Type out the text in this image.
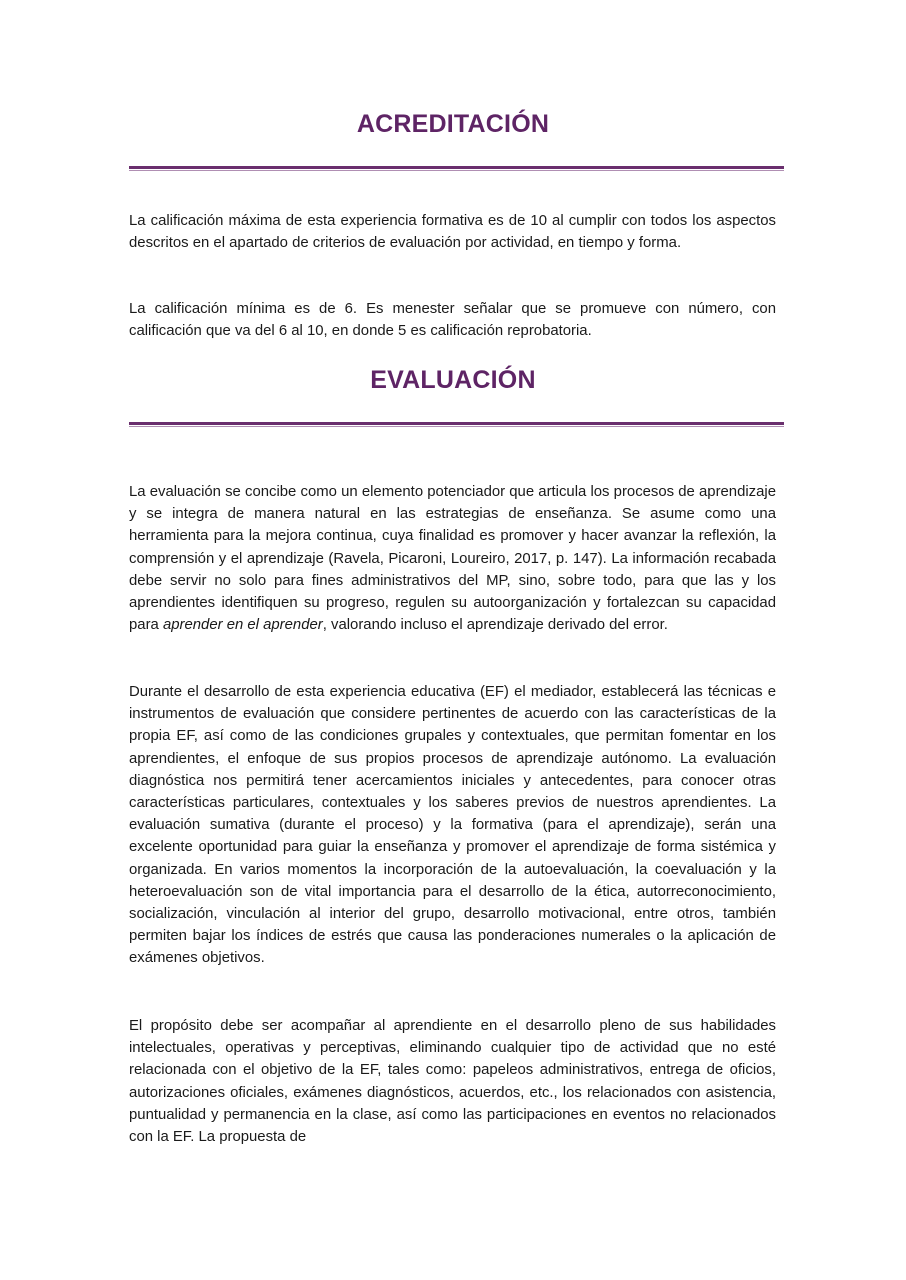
ACREDITACIÓN

La calificación máxima de esta experiencia formativa es de 10 al cumplir con todos los aspectos descritos en el apartado de criterios de evaluación por actividad, en tiempo y forma.

La calificación mínima es de 6. Es menester señalar que se promueve con número, con calificación que va del 6 al 10, en donde 5 es calificación reprobatoria.

EVALUACIÓN

La evaluación se concibe como un elemento potenciador que articula los procesos de aprendizaje y se integra de manera natural en las estrategias de enseñanza. Se asume como una herramienta para la mejora continua, cuya finalidad es promover y hacer avanzar la reflexión, la comprensión y el aprendizaje (Ravela, Picaroni, Loureiro, 2017, p. 147). La información recabada debe servir no solo para fines administrativos del MP, sino, sobre todo, para que las y los aprendientes identifiquen su progreso, regulen su autoorganización y fortalezcan su capacidad para aprender en el aprender, valorando incluso el aprendizaje derivado del error.

Durante el desarrollo de esta experiencia educativa (EF) el mediador, establecerá las técnicas e instrumentos de evaluación que considere pertinentes de acuerdo con las características de la propia EF, así como de las condiciones grupales y contextuales, que permitan fomentar en los aprendientes, el enfoque de sus propios procesos de aprendizaje autónomo. La evaluación diagnóstica nos permitirá tener acercamientos iniciales y antecedentes, para conocer otras características particulares, contextuales y los saberes previos de nuestros aprendientes. La evaluación sumativa (durante el proceso) y la formativa (para el aprendizaje), serán una excelente oportunidad para guiar la enseñanza y promover el aprendizaje de forma sistémica y organizada. En varios momentos la incorporación de la autoevaluación, la coevaluación y la heteroevaluación son de vital importancia para el desarrollo de la ética, autorreconocimiento, socialización, vinculación al interior del grupo, desarrollo motivacional, entre otros, también permiten bajar los índices de estrés que causa las ponderaciones numerales o la aplicación de exámenes objetivos.

El propósito debe ser acompañar al aprendiente en el desarrollo pleno de sus habilidades intelectuales, operativas y perceptivas, eliminando cualquier tipo de actividad que no esté relacionada con el objetivo de la EF, tales como: papeleos administrativos, entrega de oficios, autorizaciones oficiales, exámenes diagnósticos, acuerdos, etc., los relacionados con asistencia, puntualidad y permanencia en la clase, así como las participaciones en eventos no relacionados con la EF. La propuesta de
